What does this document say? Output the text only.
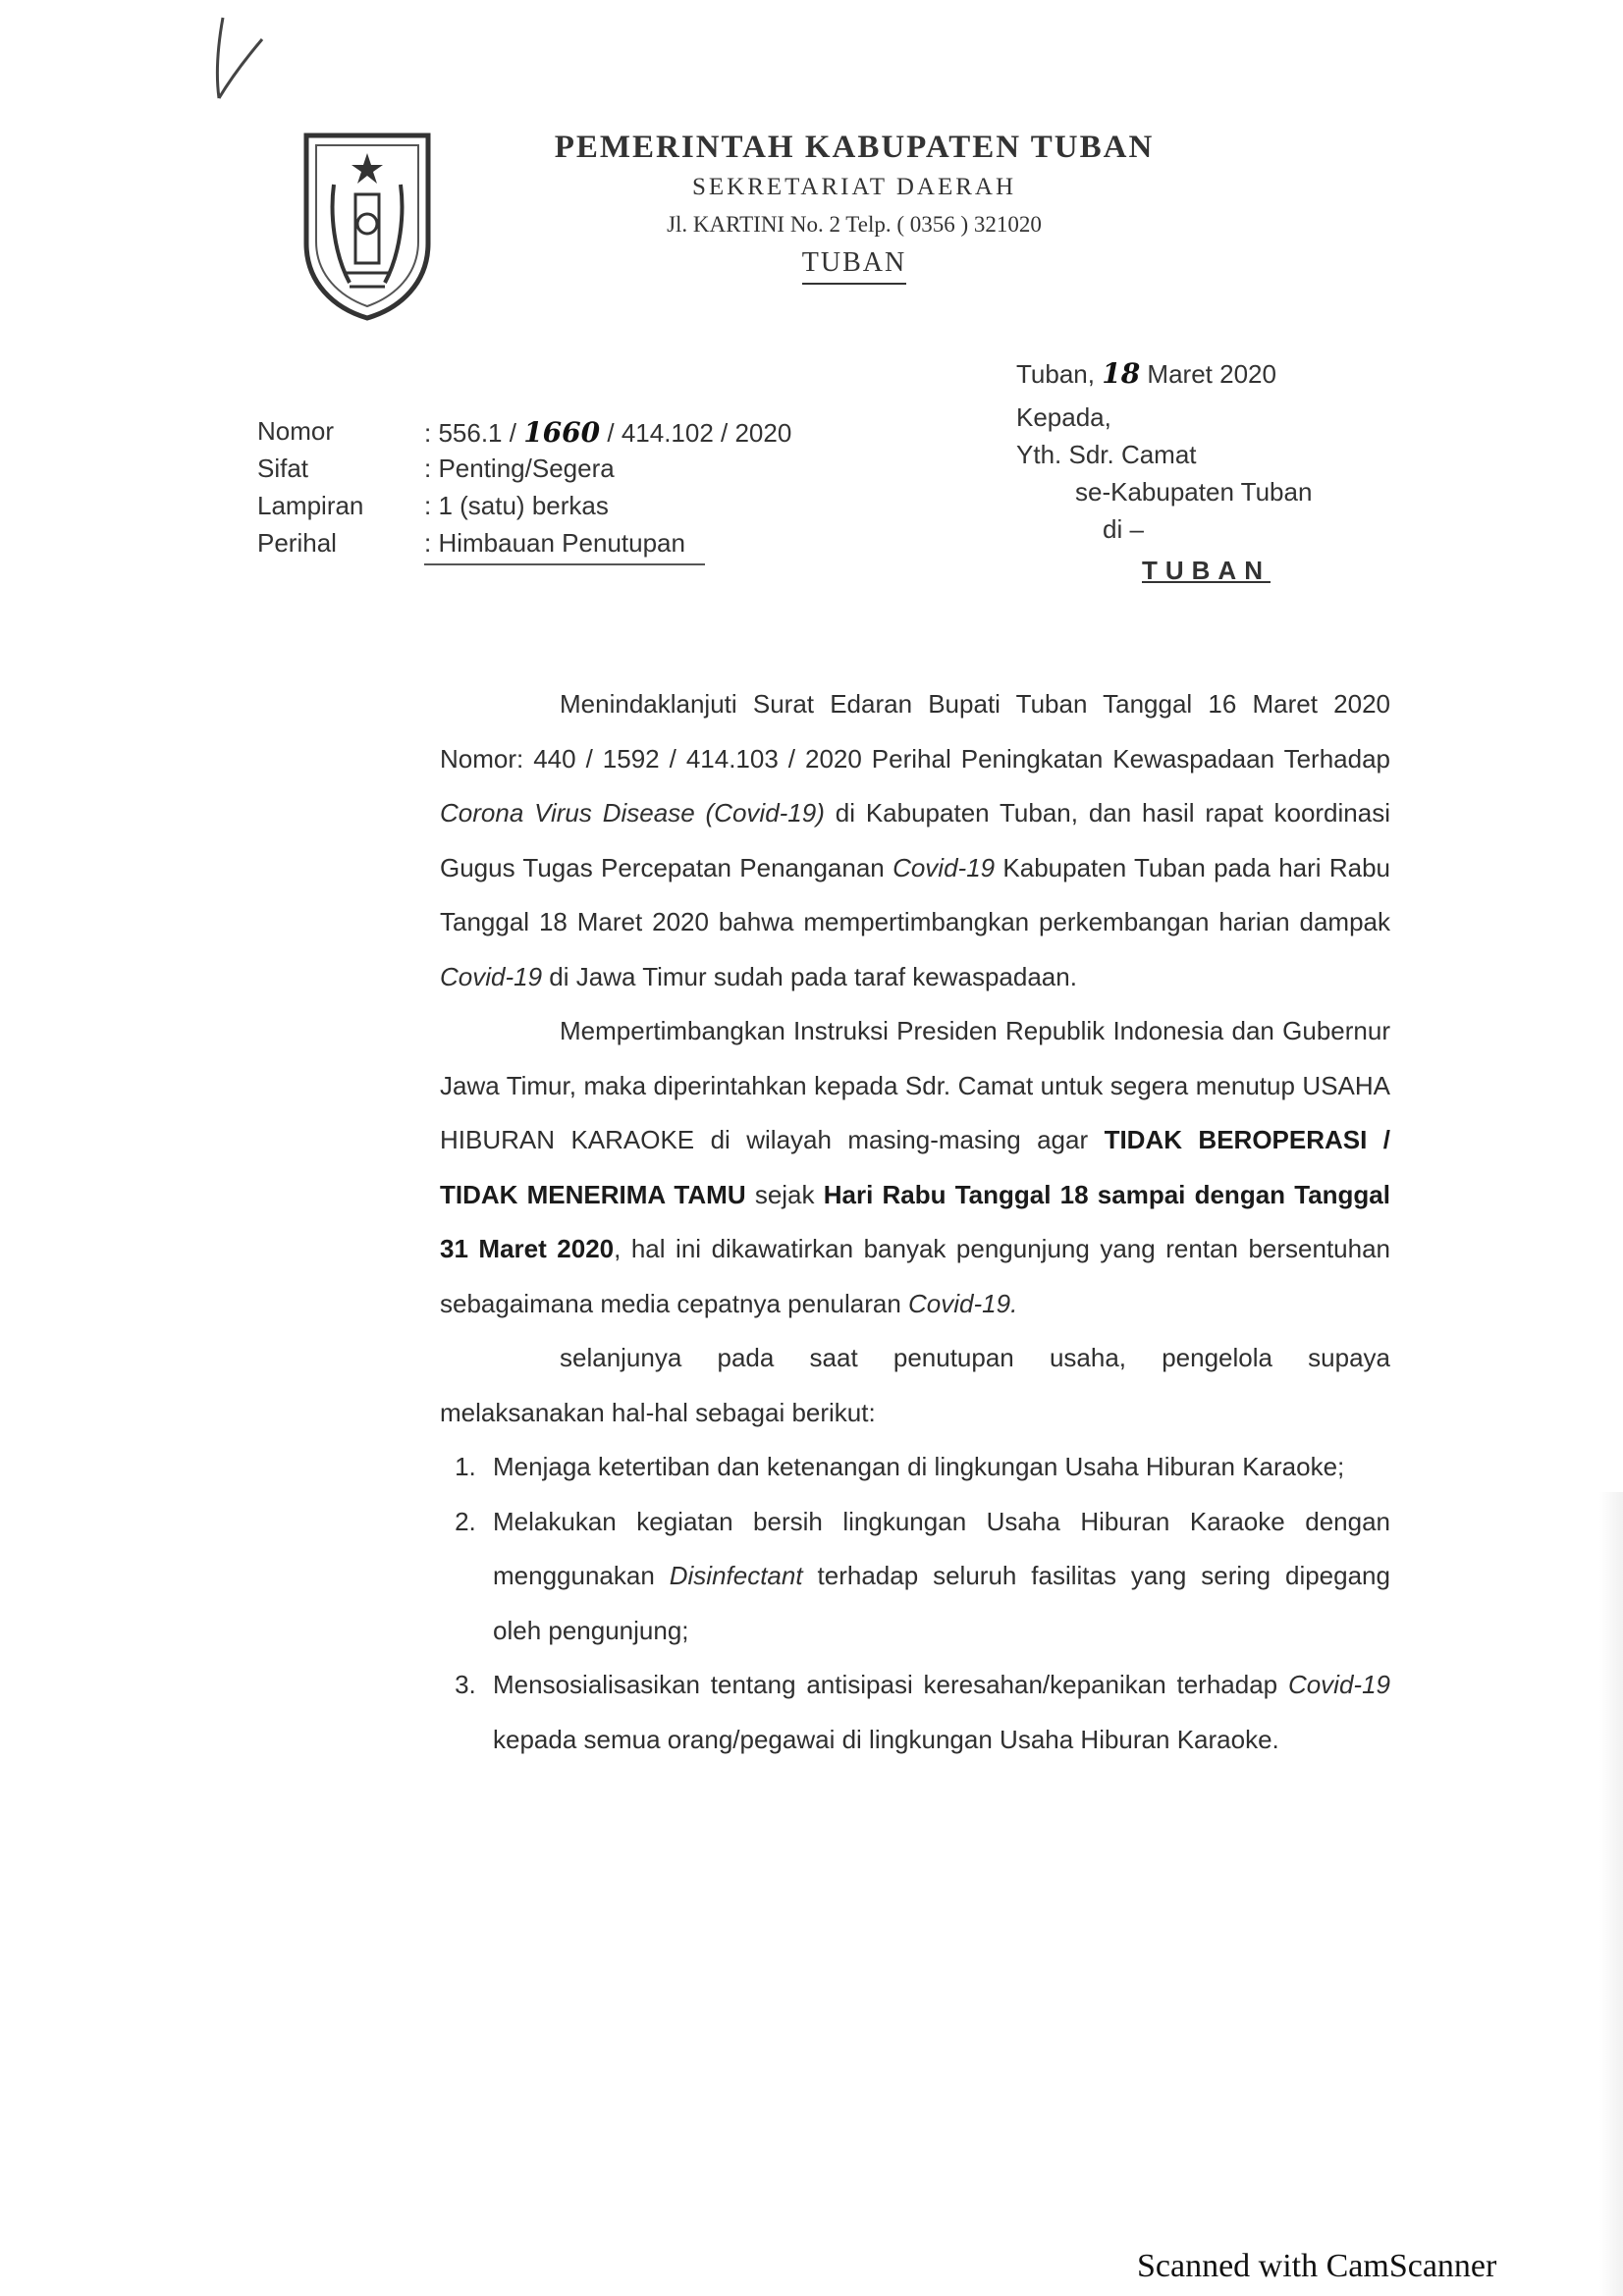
PEMERINTAH KABUPATEN TUBAN
SEKRETARIAT DAERAH
Jl. KARTINI No. 2 Telp. ( 0356 ) 321020
TUBAN
Tuban, 18 Maret 2020
Kepada,
Yth. Sdr. Camat
se-Kabupaten Tuban
di –
TUBAN
Nomor	: 556.1 / 1660 / 414.102 / 2020
Sifat	: Penting/Segera
Lampiran	: 1 (satu) berkas
Perihal	: Himbauan Penutupan

Menindaklanjuti Surat Edaran Bupati Tuban Tanggal 16 Maret 2020 Nomor: 440 / 1592 / 414.103 / 2020 Perihal Peningkatan Kewaspadaan Terhadap Corona Virus Disease (Covid-19) di Kabupaten Tuban, dan hasil rapat koordinasi Gugus Tugas Percepatan Penanganan Covid-19 Kabupaten Tuban pada hari Rabu Tanggal 18 Maret 2020 bahwa mempertimbangkan perkembangan harian dampak Covid-19 di Jawa Timur sudah pada taraf kewaspadaan.

Mempertimbangkan Instruksi Presiden Republik Indonesia dan Gubernur Jawa Timur, maka diperintahkan kepada Sdr. Camat untuk segera menutup USAHA HIBURAN KARAOKE di wilayah masing-masing agar TIDAK BEROPERASI / TIDAK MENERIMA TAMU sejak Hari Rabu Tanggal 18 sampai dengan Tanggal 31 Maret 2020, hal ini dikawatirkan banyak pengunjung yang rentan bersentuhan sebagaimana media cepatnya penularan Covid-19.

selanjunya pada saat penutupan usaha, pengelola supaya melaksanakan hal-hal sebagai berikut:

1. Menjaga ketertiban dan ketenangan di lingkungan Usaha Hiburan Karaoke;
2. Melakukan kegiatan bersih lingkungan Usaha Hiburan Karaoke dengan menggunakan Disinfectant terhadap seluruh fasilitas yang sering dipegang oleh pengunjung;
3. Mensosialisasikan tentang antisipasi keresahan/kepanikan terhadap Covid-19 kepada semua orang/pegawai di lingkungan Usaha Hiburan Karaoke.
Scanned with CamScanner
